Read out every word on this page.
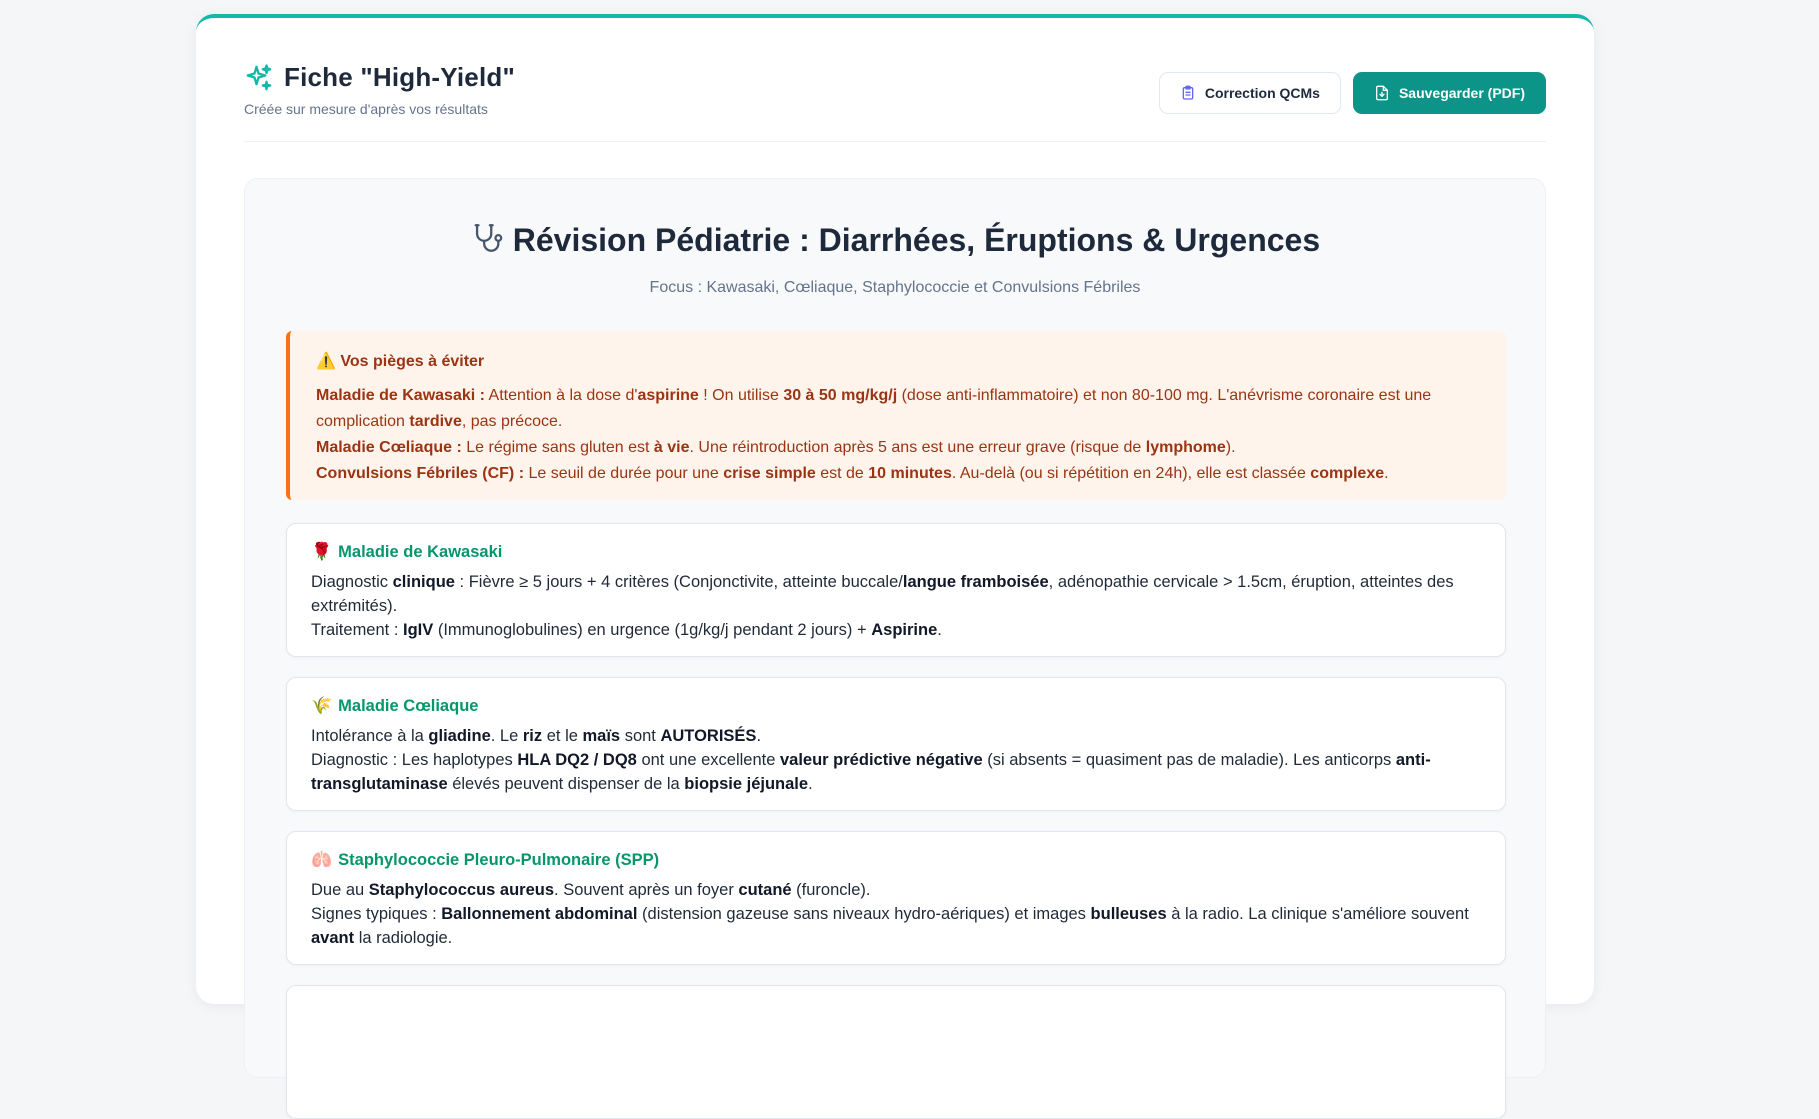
Fiche "High-Yield"
Créée sur mesure d'après vos résultats
Correction QCMs	Sauvegarder (PDF)
Révision Pédiatrie : Diarrhées, Éruptions & Urgences
Focus : Kawasaki, Cœliaque, Staphylococcie et Convulsions Fébriles
⚠️ Vos pièges à éviter
Maladie de Kawasaki : Attention à la dose d'aspirine ! On utilise 30 à 50 mg/kg/j (dose anti-inflammatoire) et non 80-100 mg. L'anévrisme coronaire est une complication tardive, pas précoce.
Maladie Cœliaque : Le régime sans gluten est à vie. Une réintroduction après 5 ans est une erreur grave (risque de lymphome).
Convulsions Fébriles (CF) : Le seuil de durée pour une crise simple est de 10 minutes. Au-delà (ou si répétition en 24h), elle est classée complexe.
🌹 Maladie de Kawasaki
Diagnostic clinique : Fièvre ≥ 5 jours + 4 critères (Conjonctivite, atteinte buccale/langue framboisée, adénopathie cervicale > 1.5cm, éruption, atteintes des extrémités).
Traitement : IgIV (Immunoglobulines) en urgence (1g/kg/j pendant 2 jours) + Aspirine.
🌾 Maladie Cœliaque
Intolérance à la gliadine. Le riz et le maïs sont AUTORISÉS.
Diagnostic : Les haplotypes HLA DQ2 / DQ8 ont une excellente valeur prédictive négative (si absents = quasiment pas de maladie). Les anticorps anti-transglutaminase élevés peuvent dispenser de la biopsie jéjunale.
🫁 Staphylococcie Pleuro-Pulmonaire (SPP)
Due au Staphylococcus aureus. Souvent après un foyer cutané (furoncle).
Signes typiques : Ballonnement abdominal (distension gazeuse sans niveaux hydro-aériques) et images bulleuses à la radio. La clinique s'améliore souvent avant la radiologie.
